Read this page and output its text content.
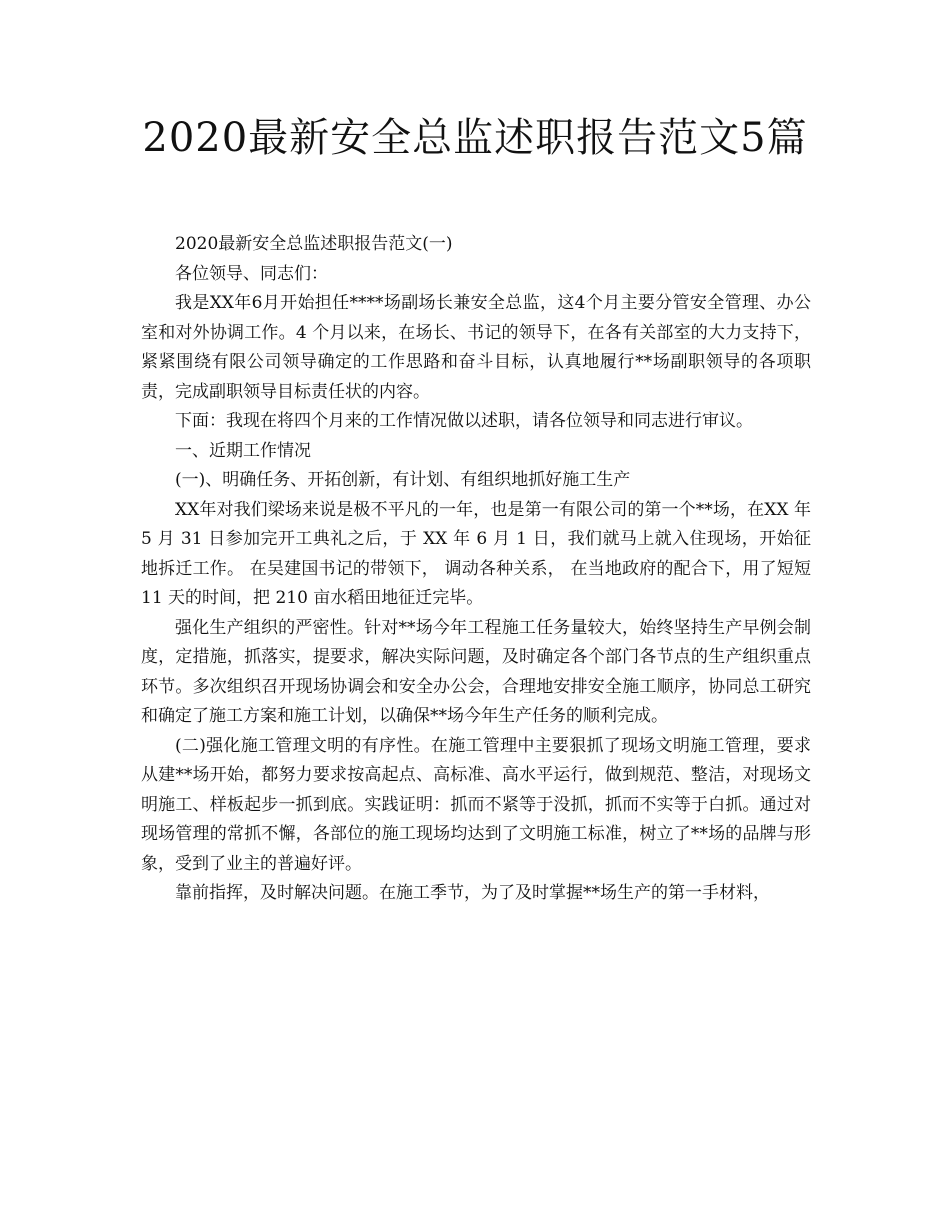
2020最新安全总监述职报告范文5篇

2020最新安全总监述职报告范文(一)

各位领导、同志们：

我是XX年6月开始担任****场副场长兼安全总监，这4个月主要分管安全管理、办公室和对外协调工作。4 个月以来，在场长、书记的领导下，在各有关部室的大力支持下，紧紧围绕有限公司领导确定的工作思路和奋斗目标，认真地履行**场副职领导的各项职责，完成副职领导目标责任状的内容。

下面：我现在将四个月来的工作情况做以述职，请各位领导和同志进行审议。

一、近期工作情况

(一)、明确任务、开拓创新，有计划、有组织地抓好施工生产

XX年对我们梁场来说是极不平凡的一年，也是第一有限公司的第一个**场，在XX 年 5 月 31 日参加完开工典礼之后，于 XX 年 6 月 1 日，我们就马上就入住现场，开始征地拆迁工作。 在吴建国书记的带领下， 调动各种关系， 在当地政府的配合下，用了短短 11 天的时间，把 210 亩水稻田地征迁完毕。

强化生产组织的严密性。针对**场今年工程施工任务量较大，始终坚持生产早例会制度，定措施，抓落实，提要求，解决实际问题，及时确定各个部门各节点的生产组织重点环节。多次组织召开现场协调会和安全办公会，合理地安排安全施工顺序，协同总工研究和确定了施工方案和施工计划，以确保**场今年生产任务的顺利完成。

(二)强化施工管理文明的有序性。在施工管理中主要狠抓了现场文明施工管理，要求从建**场开始，都努力要求按高起点、高标准、高水平运行，做到规范、整洁，对现场文明施工、样板起步一抓到底。实践证明：抓而不紧等于没抓，抓而不实等于白抓。通过对现场管理的常抓不懈，各部位的施工现场均达到了文明施工标准，树立了**场的品牌与形象，受到了业主的普遍好评。

靠前指挥，及时解决问题。在施工季节，为了及时掌握**场生产的第一手材料，
